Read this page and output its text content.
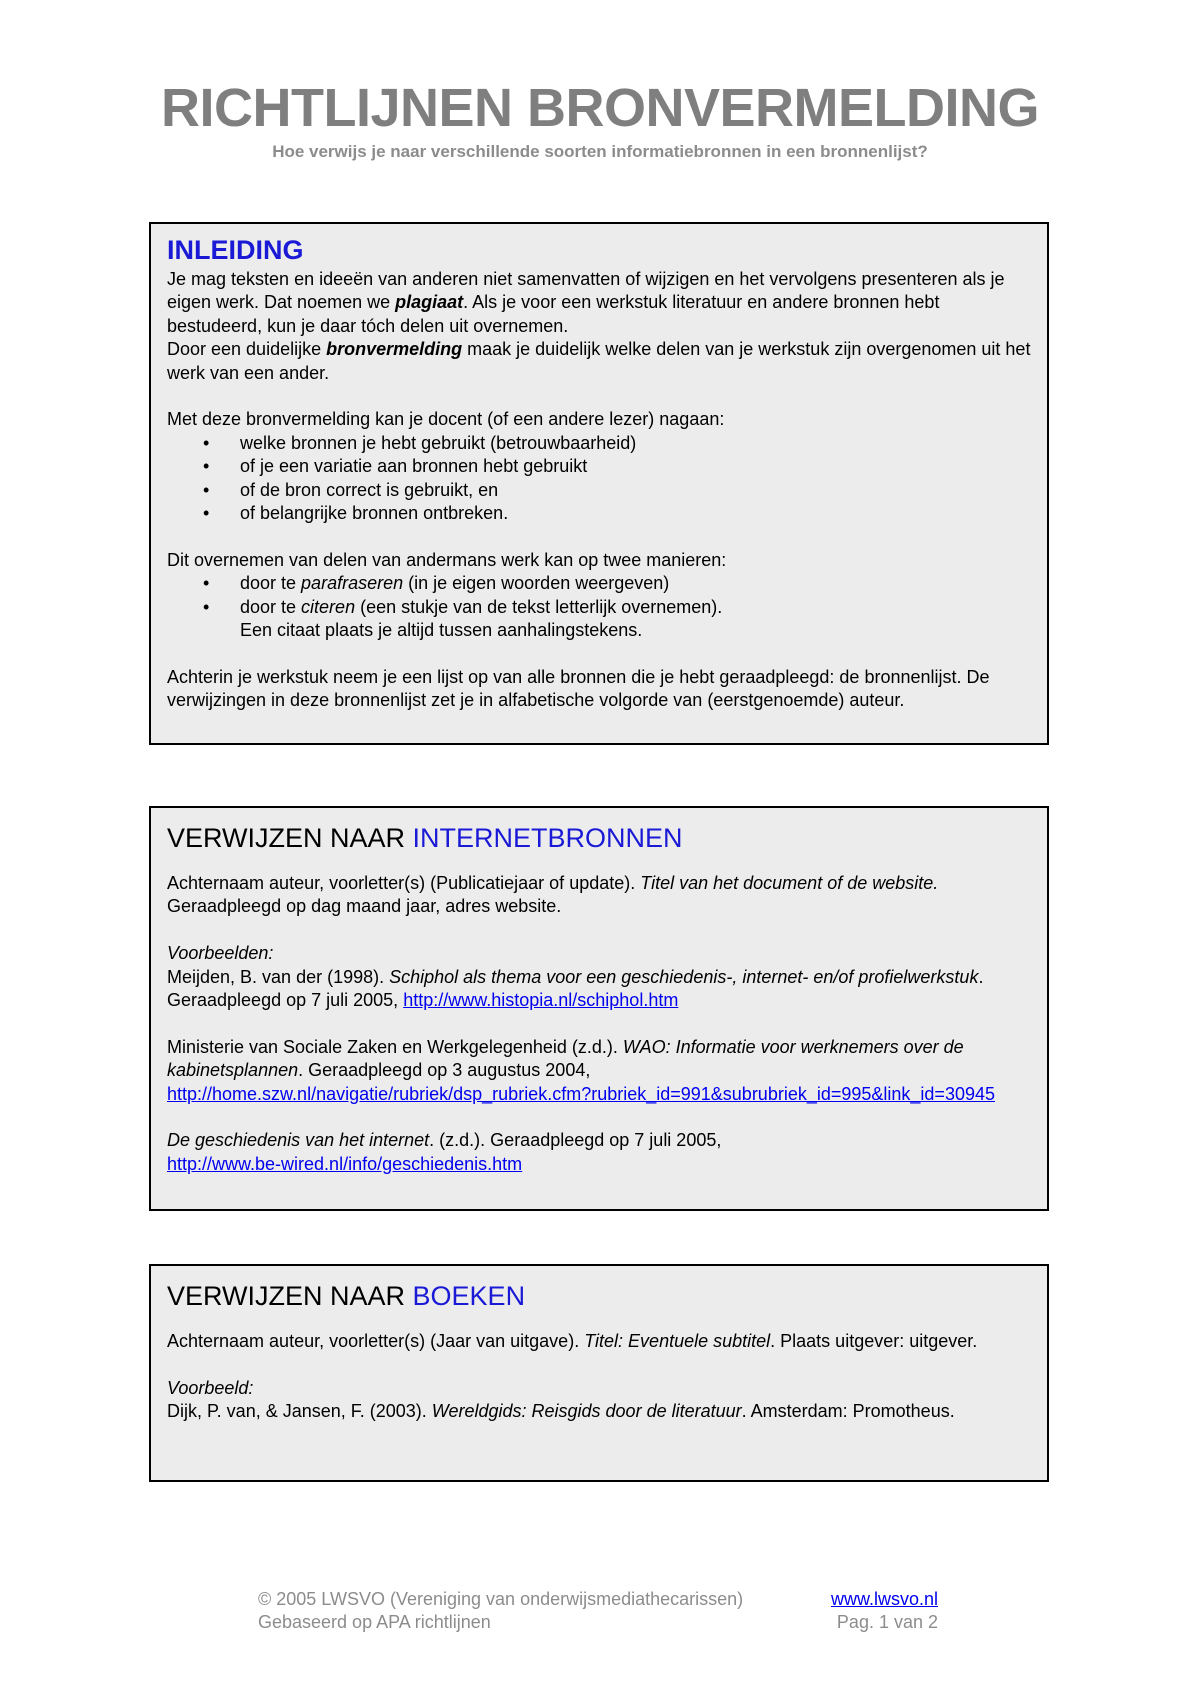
RICHTLIJNEN BRONVERMELDING
Hoe verwijs je naar verschillende soorten informatiebronnen in een bronnenlijst?
INLEIDING

Je mag teksten en ideeën van anderen niet samenvatten of wijzigen en het vervolgens presenteren als je eigen werk. Dat noemen we plagiaat. Als je voor een werkstuk literatuur en andere bronnen hebt bestudeerd, kun je daar tóch delen uit overnemen.

Door een duidelijke bronvermelding maak je duidelijk welke delen van je werkstuk zijn overgenomen uit het werk van een ander.

Met deze bronvermelding kan je docent (of een andere lezer) nagaan:

• welke bronnen je hebt gebruikt (betrouwbaarheid)
• of je een variatie aan bronnen hebt gebruikt
• of de bron correct is gebruikt, en
• of belangrijke bronnen ontbreken.

Dit overnemen van delen van andermans werk kan op twee manieren:

• door te parafraseren (in je eigen woorden weergeven)
• door te citeren (een stukje van de tekst letterlijk overnemen).
Een citaat plaats je altijd tussen aanhalingstekens.

Achterin je werkstuk neem je een lijst op van alle bronnen die je hebt geraadpleegd: de bronnenlijst. De verwijzingen in deze bronnenlijst zet je in alfabetische volgorde van (eerstgenoemde) auteur.

VERWIJZEN NAAR INTERNETBRONNEN

Achternaam auteur, voorletter(s) (Publicatiejaar of update). Titel van het document of de website. Geraadpleegd op dag maand jaar, adres website.

Voorbeelden:

Meijden, B. van der (1998). Schiphol als thema voor een geschiedenis-, internet- en/of profielwerkstuk. Geraadpleegd op 7 juli 2005, http://www.histopia.nl/schiphol.htm

Ministerie van Sociale Zaken en Werkgelegenheid (z.d.). WAO: Informatie voor werknemers over de kabinetsplannen. Geraadpleegd op 3 augustus 2004,
http://home.szw.nl/navigatie/rubriek/dsp_rubriek.cfm?rubriek_id=991&subrubriek_id=995&link_id=30945

De geschiedenis van het internet. (z.d.). Geraadpleegd op 7 juli 2005,
http://www.be-wired.nl/info/geschiedenis.htm

VERWIJZEN NAAR BOEKEN

Achternaam auteur, voorletter(s) (Jaar van uitgave). Titel: Eventuele subtitel. Plaats uitgever: uitgever.

Voorbeeld:

Dijk, P. van, & Jansen, F. (2003). Wereldgids: Reisgids door de literatuur. Amsterdam: Promotheus.

© 2005 LWSVO (Vereniging van onderwijsmediathecarissen)	www.lwsvo.nl
Gebaseerd op APA richtlijnen	Pag. 1 van 2
